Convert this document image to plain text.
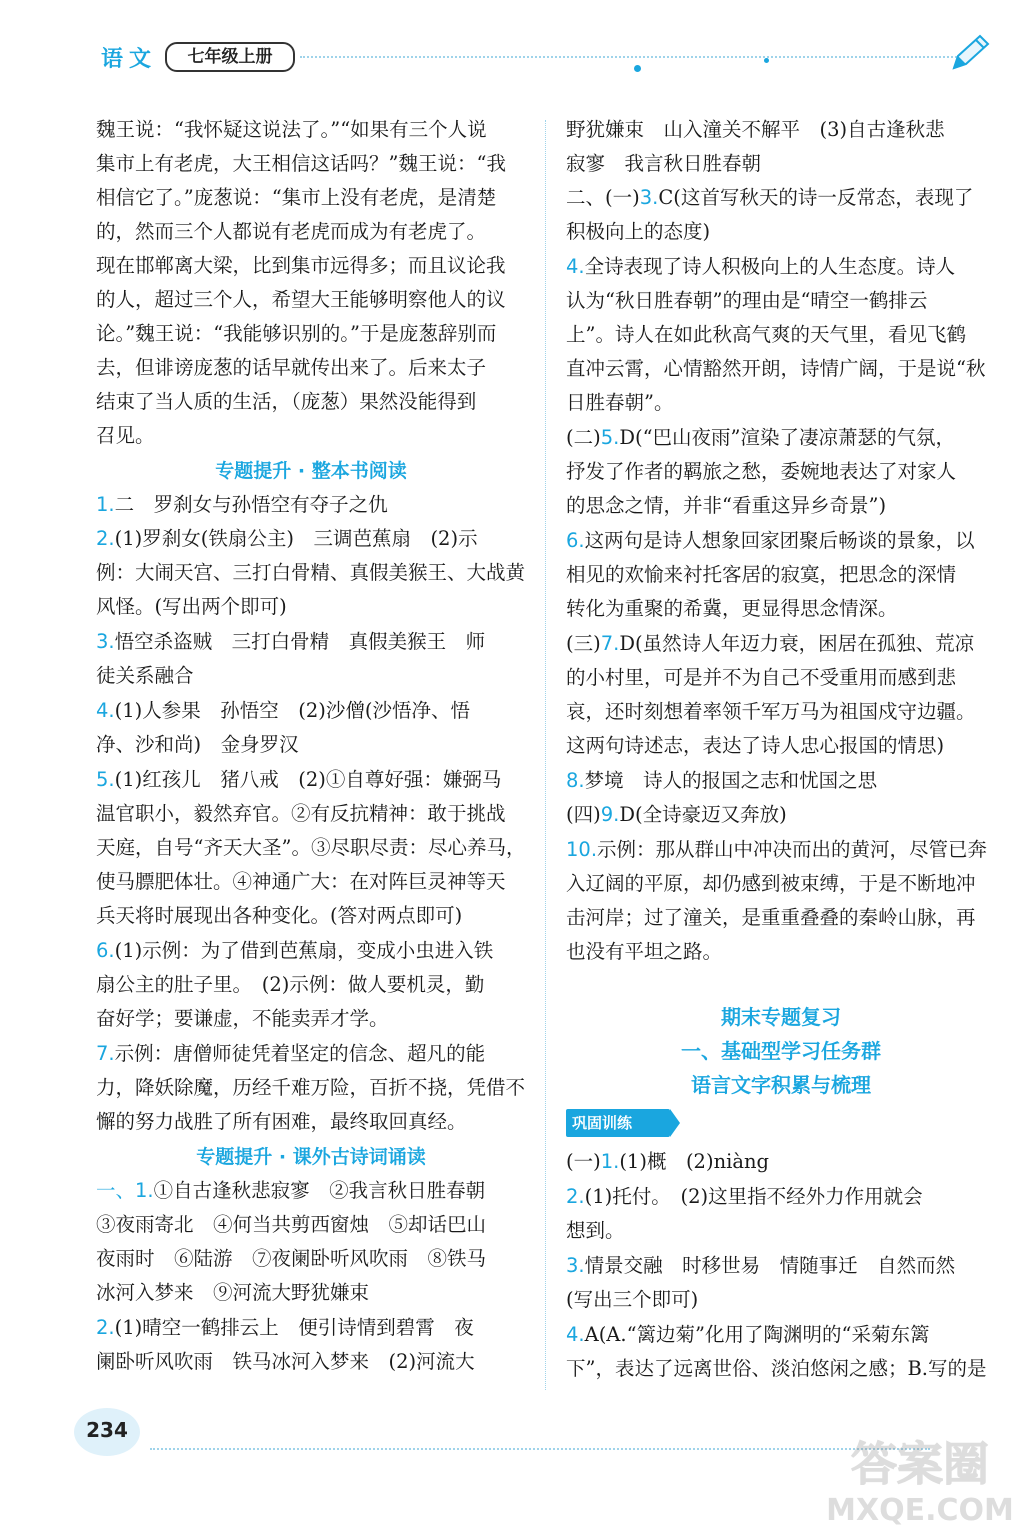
语文	七年级上册
魏王说：“我怀疑这说法了。”“如果有三个人说
集市上有老虎，大王相信这话吗？”魏王说：“我
相信它了。”庞葱说：“集市上没有老虎，是清楚
的，然而三个人都说有老虎而成为有老虎了。
现在邯郸离大梁，比到集市远得多；而且议论我
的人，超过三个人，希望大王能够明察他人的议
论。”魏王说：“我能够识别的。”于是庞葱辞别而
去，但诽谤庞葱的话早就传出来了。后来太子
结束了当人质的生活，（庞葱）果然没能得到
召见。
专题提升 · 整本书阅读
1.二　罗刹女与孙悟空有夺子之仇
2.(1)罗刹女(铁扇公主)　三调芭蕉扇　(2)示
例：大闹天宫、三打白骨精、真假美猴王、大战黄
风怪。(写出两个即可)
3.悟空杀盗贼　三打白骨精　真假美猴王　师
徒关系融合
4.(1)人参果　孙悟空　(2)沙僧(沙悟净、悟
净、沙和尚)　金身罗汉
5.(1)红孩儿　猪八戒　(2)①自尊好强：嫌弼马
温官职小，毅然弃官。②有反抗精神：敢于挑战
天庭，自号“齐天大圣”。③尽职尽责：尽心养马，
使马膘肥体壮。④神通广大：在对阵巨灵神等天
兵天将时展现出各种变化。(答对两点即可)
6.(1)示例：为了借到芭蕉扇，变成小虫进入铁
扇公主的肚子里。　(2)示例：做人要机灵，勤
奋好学；要谦虚，不能卖弄才学。
7.示例：唐僧师徒凭着坚定的信念、超凡的能
力，降妖除魔，历经千难万险，百折不挠，凭借不
懈的努力战胜了所有困难，最终取回真经。
专题提升 · 课外古诗词诵读
一、1.①自古逢秋悲寂寥　②我言秋日胜春朝
③夜雨寄北　④何当共剪西窗烛　⑤却话巴山
夜雨时　⑥陆游　⑦夜阑卧听风吹雨　⑧铁马
冰河入梦来　⑨河流大野犹嫌束
2.(1)晴空一鹤排云上　便引诗情到碧霄　夜
阑卧听风吹雨　铁马冰河入梦来　(2)河流大
野犹嫌束　山入潼关不解平　(3)自古逢秋悲
寂寥　我言秋日胜春朝
二、(一)3.C(这首写秋天的诗一反常态，表现了
积极向上的态度)
4.全诗表现了诗人积极向上的人生态度。诗人
认为“秋日胜春朝”的理由是“晴空一鹤排云
上”。诗人在如此秋高气爽的天气里，看见飞鹤
直冲云霄，心情豁然开朗，诗情广阔，于是说“秋
日胜春朝”。
(二)5.D(“巴山夜雨”渲染了凄凉萧瑟的气氛，
抒发了作者的羁旅之愁，委婉地表达了对家人
的思念之情，并非“看重这异乡奇景”)
6.这两句是诗人想象回家团聚后畅谈的景象，以
相见的欢愉来衬托客居的寂寞，把思念的深情
转化为重聚的希冀，更显得思念情深。
(三)7.D(虽然诗人年迈力衰，困居在孤独、荒凉
的小村里，可是并不为自己不受重用而感到悲
哀，还时刻想着率领千军万马为祖国戍守边疆。
这两句诗述志，表达了诗人忠心报国的情思)
8.梦境　诗人的报国之志和忧国之思
(四)9.D(全诗豪迈又奔放)
10.示例：那从群山中冲决而出的黄河，尽管已奔
入辽阔的平原，却仍感到被束缚，于是不断地冲
击河岸；过了潼关，是重重叠叠的秦岭山脉，再
也没有平坦之路。
期末专题复习
一、基础型学习任务群
语言文字积累与梳理
巩固训练
(一)1.(1)概　(2)niàng
2.(1)托付。　(2)这里指不经外力作用就会
想到。
3.情景交融　时移世易　情随事迁　自然而然
(写出三个即可)
4.A(A.“篱边菊”化用了陶渊明的“采菊东篱
下”，表达了远离世俗、淡泊悠闲之感；B.写的是
234
答案圈
MXQE.COM
